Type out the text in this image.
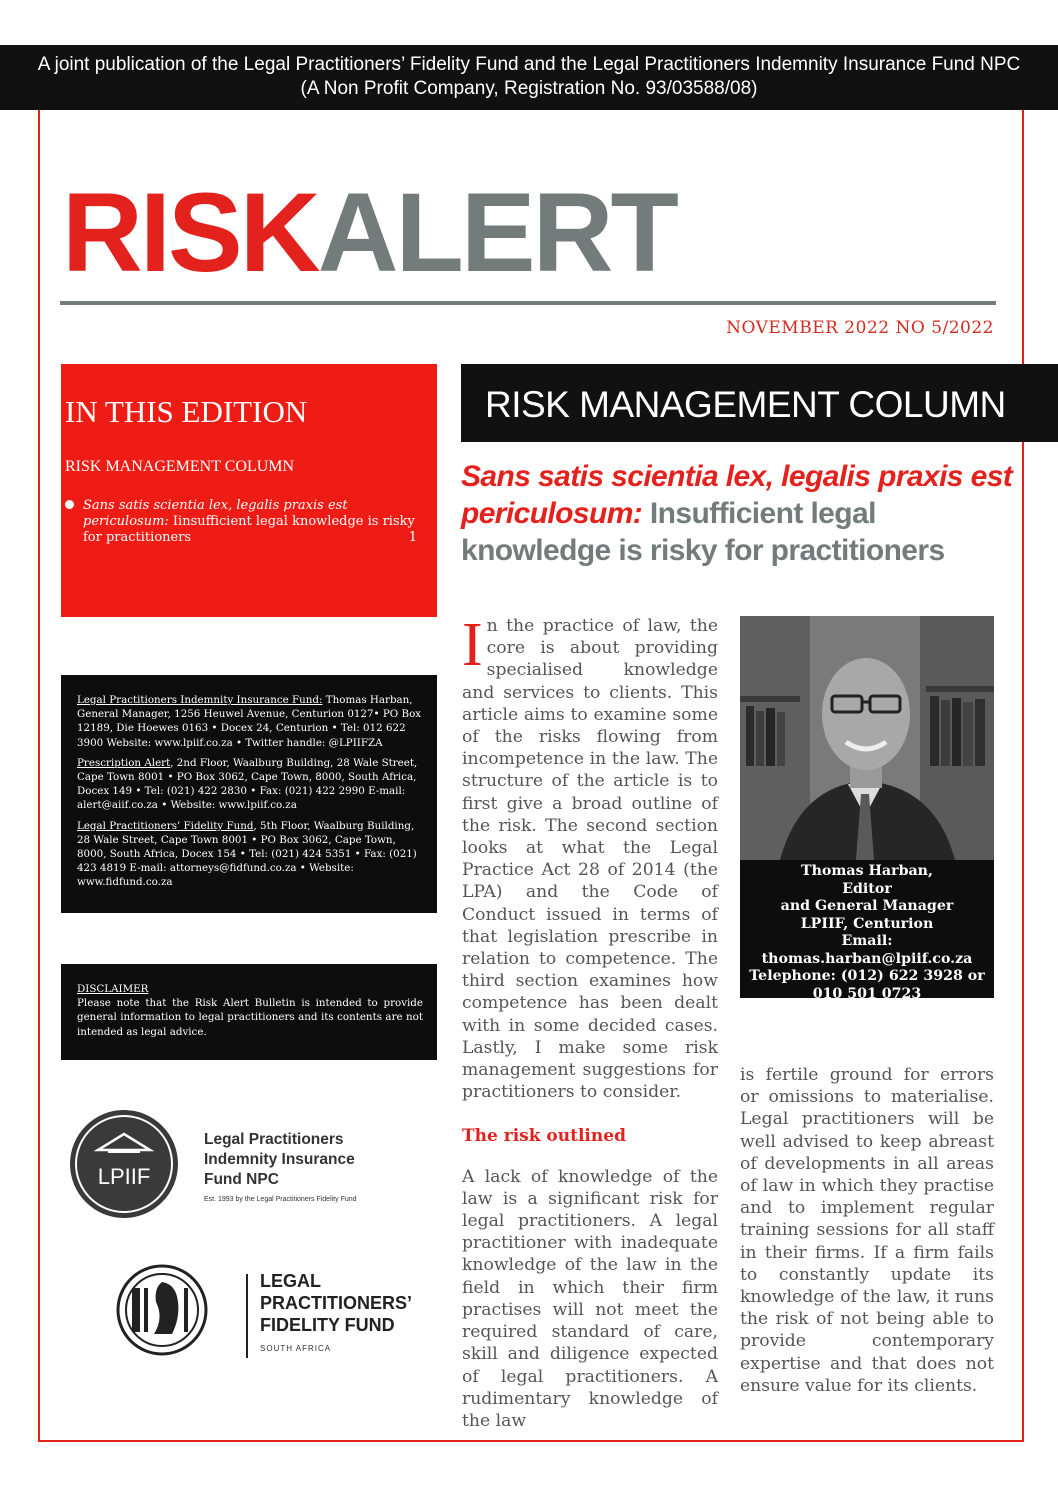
A joint publication of the Legal Practitioners’ Fidelity Fund and the Legal Practitioners Indemnity Insurance Fund NPC
(A Non Profit Company, Registration No. 93/03588/08)
RISKALERT
NOVEMBER 2022 NO 5/2022
IN THIS EDITION
RISK MANAGEMENT COLUMN
Sans satis scientia lex, legalis praxis est periculosum: Iinsufficient legal knowledge is risky for practitioners	1

Legal Practitioners Indemnity Insurance Fund: Thomas Harban, General Manager, 1256 Heuwel Avenue, Centurion 0127• PO Box 12189, Die Hoewes 0163 • Docex 24, Centurion • Tel: 012 622 3900 Website: www.lpiif.co.za • Twitter handle: @LPIIFZA

Prescription Alert, 2nd Floor, Waalburg Building, 28 Wale Street, Cape Town 8001 • PO Box 3062, Cape Town, 8000, South Africa, Docex 149 • Tel: (021) 422 2830 • Fax: (021) 422 2990 E-mail: alert@aiif.co.za • Website: www.lpiif.co.za

Legal Practitioners’ Fidelity Fund, 5th Floor, Waalburg Building, 28 Wale Street, Cape Town 8001 • PO Box 3062, Cape Town, 8000, South Africa, Docex 154 • Tel: (021) 424 5351 • Fax: (021) 423 4819 E-mail: attorneys@fidfund.co.za • Website: www.fidfund.co.za

DISCLAIMER
Please note that the Risk Alert Bulletin is intended to provide general information to legal practitioners and its contents are not intended as legal advice.
RISK MANAGEMENT COLUMN
Sans satis scientia lex, legalis praxis est periculosum: Insufficient legal knowledge is risky for practitioners
I n the practice of law, the core is about providing specialised knowledge and services to clients. This article aims to examine some of the risks flowing from incompetence in the law. The structure of the article is to first give a broad outline of the risk. The second section looks at what the Legal Practice Act 28 of 2014 (the LPA) and the Code of Conduct issued in terms of that legislation prescribe in relation to competence. The third section examines how competence has been dealt with in some decided cases. Lastly, I make some risk management suggestions for practitioners to consider.

The risk outlined

A lack of knowledge of the law is a significant risk for legal practitioners. A legal practitioner with inadequate knowledge of the law in the field in which their firm practises will not meet the required standard of care, skill and diligence expected of legal practitioners. A rudimentary knowledge of the law

Thomas Harban,
Editor
and General Manager
LPIIF, Centurion
Email: thomas.harban@lpiif.co.za
Telephone: (012) 622 3928 or
010 501 0723

is fertile ground for errors or omissions to materialise. Legal practitioners will be well advised to keep abreast of developments in all areas of law in which they practise and to implement regular training sessions for all staff in their firms. If a firm fails to constantly update its knowledge of the law, it runs the risk of not being able to provide contemporary expertise and that does not ensure value for its clients.

LPIIF
Legal Practitioners
Indemnity Insurance
Fund NPC
Est. 1993 by the Legal Practitioners Fidelity Fund
LEGAL
PRACTITIONERS’
FIDELITY FUND
SOUTH AFRICA
